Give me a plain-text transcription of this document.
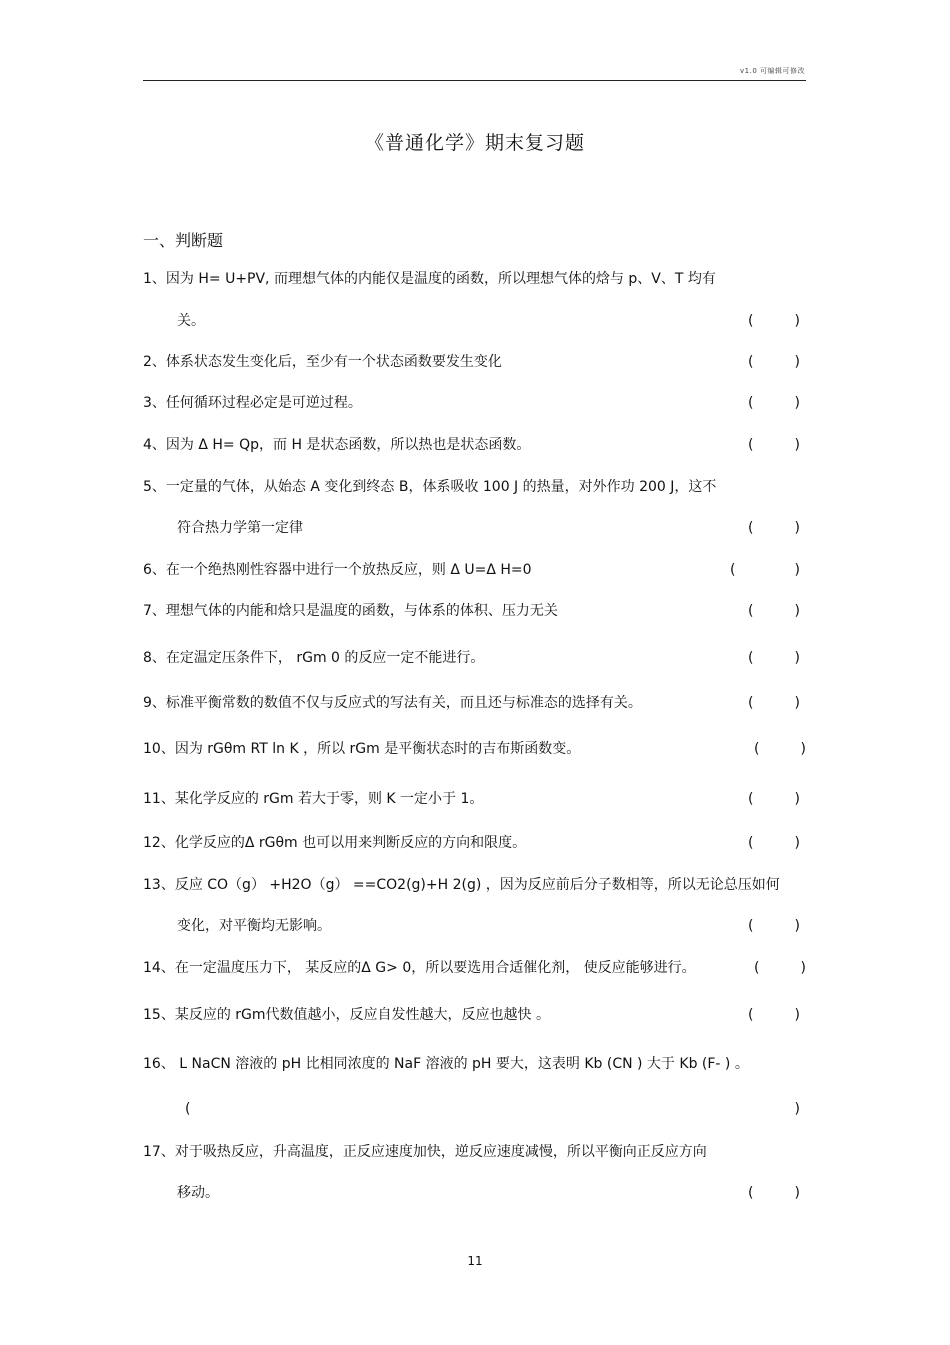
v1.0 可编辑可修改
《普通化学》期末复习题
一、判断题
1、因为 H= U+PV, 而理想气体的内能仅是温度的函数，所以理想气体的焓与 p、V、T 均有
关。	(	)
2、体系状态发生变化后，至少有一个状态函数要发生变化	(	)
3、任何循环过程必定是可逆过程。	(	)
4、因为 Δ H= Qp，而 H 是状态函数，所以热也是状态函数。	(	)
5、一定量的气体，从始态 A 变化到终态 B，体系吸收 100 J 的热量，对外作功 200 J，这不
符合热力学第一定律	(	)
6、在一个绝热刚性容器中进行一个放热反应，则 Δ U=Δ H=0	(	)
7、理想气体的内能和焓只是温度的函数，与体系的体积、压力无关	(	)
8、在定温定压条件下， rGm 0 的反应一定不能进行。	(	)
9、标准平衡常数的数值不仅与反应式的写法有关，而且还与标准态的选择有关。	(	)
10、因为 rGθm RT ln K ，所以 rGm 是平衡状态时的吉布斯函数变。	(	)
11、某化学反应的 rGm 若大于零，则 K 一定小于 1。	(	)
12、化学反应的Δ rGθm 也可以用来判断反应的方向和限度。	(	)
13、反应 CO（g） +H2O（g） ==CO2(g)+H 2(g) ，因为反应前后分子数相等，所以无论总压如何
变化，对平衡均无影响。	(	)
14、在一定温度压力下， 某反应的Δ G> 0，所以要选用合适催化剂， 使反应能够进行。	(	)
15、某反应的 rGm代数值越小，反应自发性越大，反应也越快 。	(	)
16、 L NaCN 溶液的 pH 比相同浓度的 NaF 溶液的 pH 要大，这表明 Kb (CN ) 大于 Kb (F- ) 。
(	)
17、对于吸热反应，升高温度，正反应速度加快，逆反应速度减慢，所以平衡向正反应方向
移动。	(	)
11
